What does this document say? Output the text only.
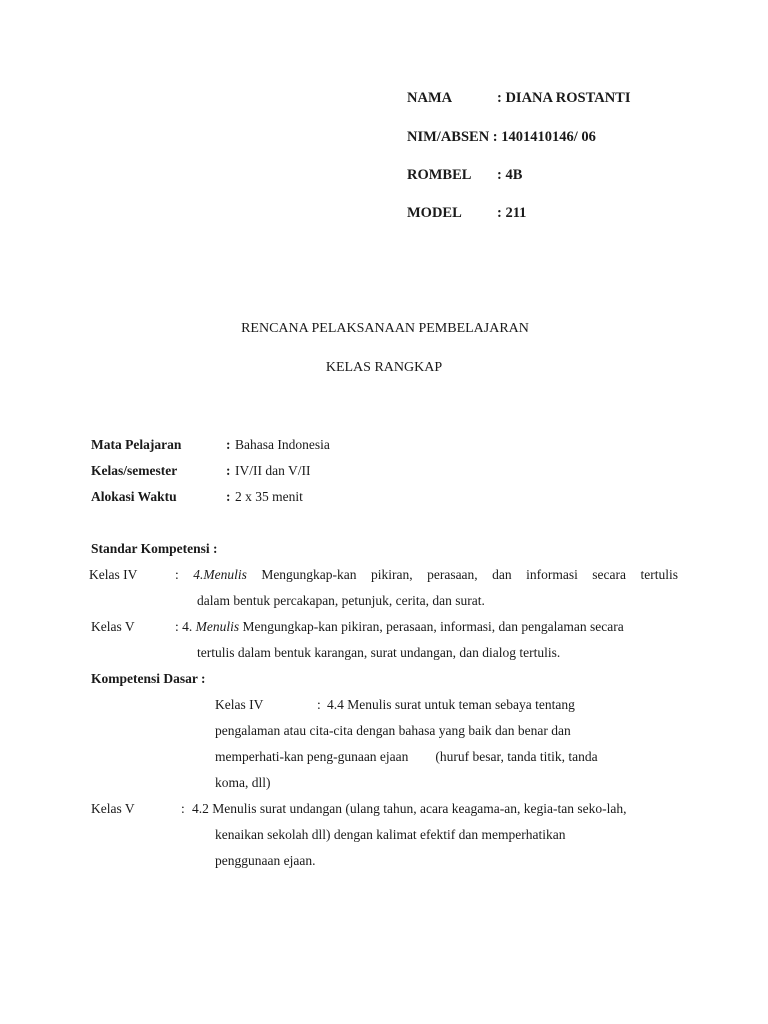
NAMA	: DIANA ROSTANTI
NIM/ABSEN : 1401410146/ 06
ROMBEL : 4B
MODEL : 211
RENCANA PELAKSANAAN PEMBELAJARAN
KELAS RANGKAP
Mata Pelajaran	: Bahasa Indonesia
Kelas/semester	: IV/II dan V/II
Alokasi Waktu	: 2 x 35 menit
Standar Kompetensi :
Kelas IV	: 4.Menulis Mengungkap-kan pikiran, perasaan, dan informasi secara tertulis
dalam bentuk percakapan, petunjuk, cerita, dan surat.
Kelas V	: 4. Menulis Mengungkap-kan pikiran, perasaan, informasi, dan pengalaman secara
tertulis dalam bentuk karangan, surat undangan, dan dialog tertulis.
Kompetensi Dasar :
Kelas IV	: 4.4 Menulis surat untuk teman sebaya tentang
pengalaman atau cita-cita dengan bahasa yang baik dan benar dan
memperhati-kan peng-gunaan ejaan        (huruf besar, tanda titik, tanda
koma, dll)
Kelas V	: 4.2 Menulis surat undangan (ulang tahun, acara keagama-an, kegia-tan seko-lah,
kenaikan sekolah dll) dengan kalimat efektif dan memperhatikan
penggunaan ejaan.
